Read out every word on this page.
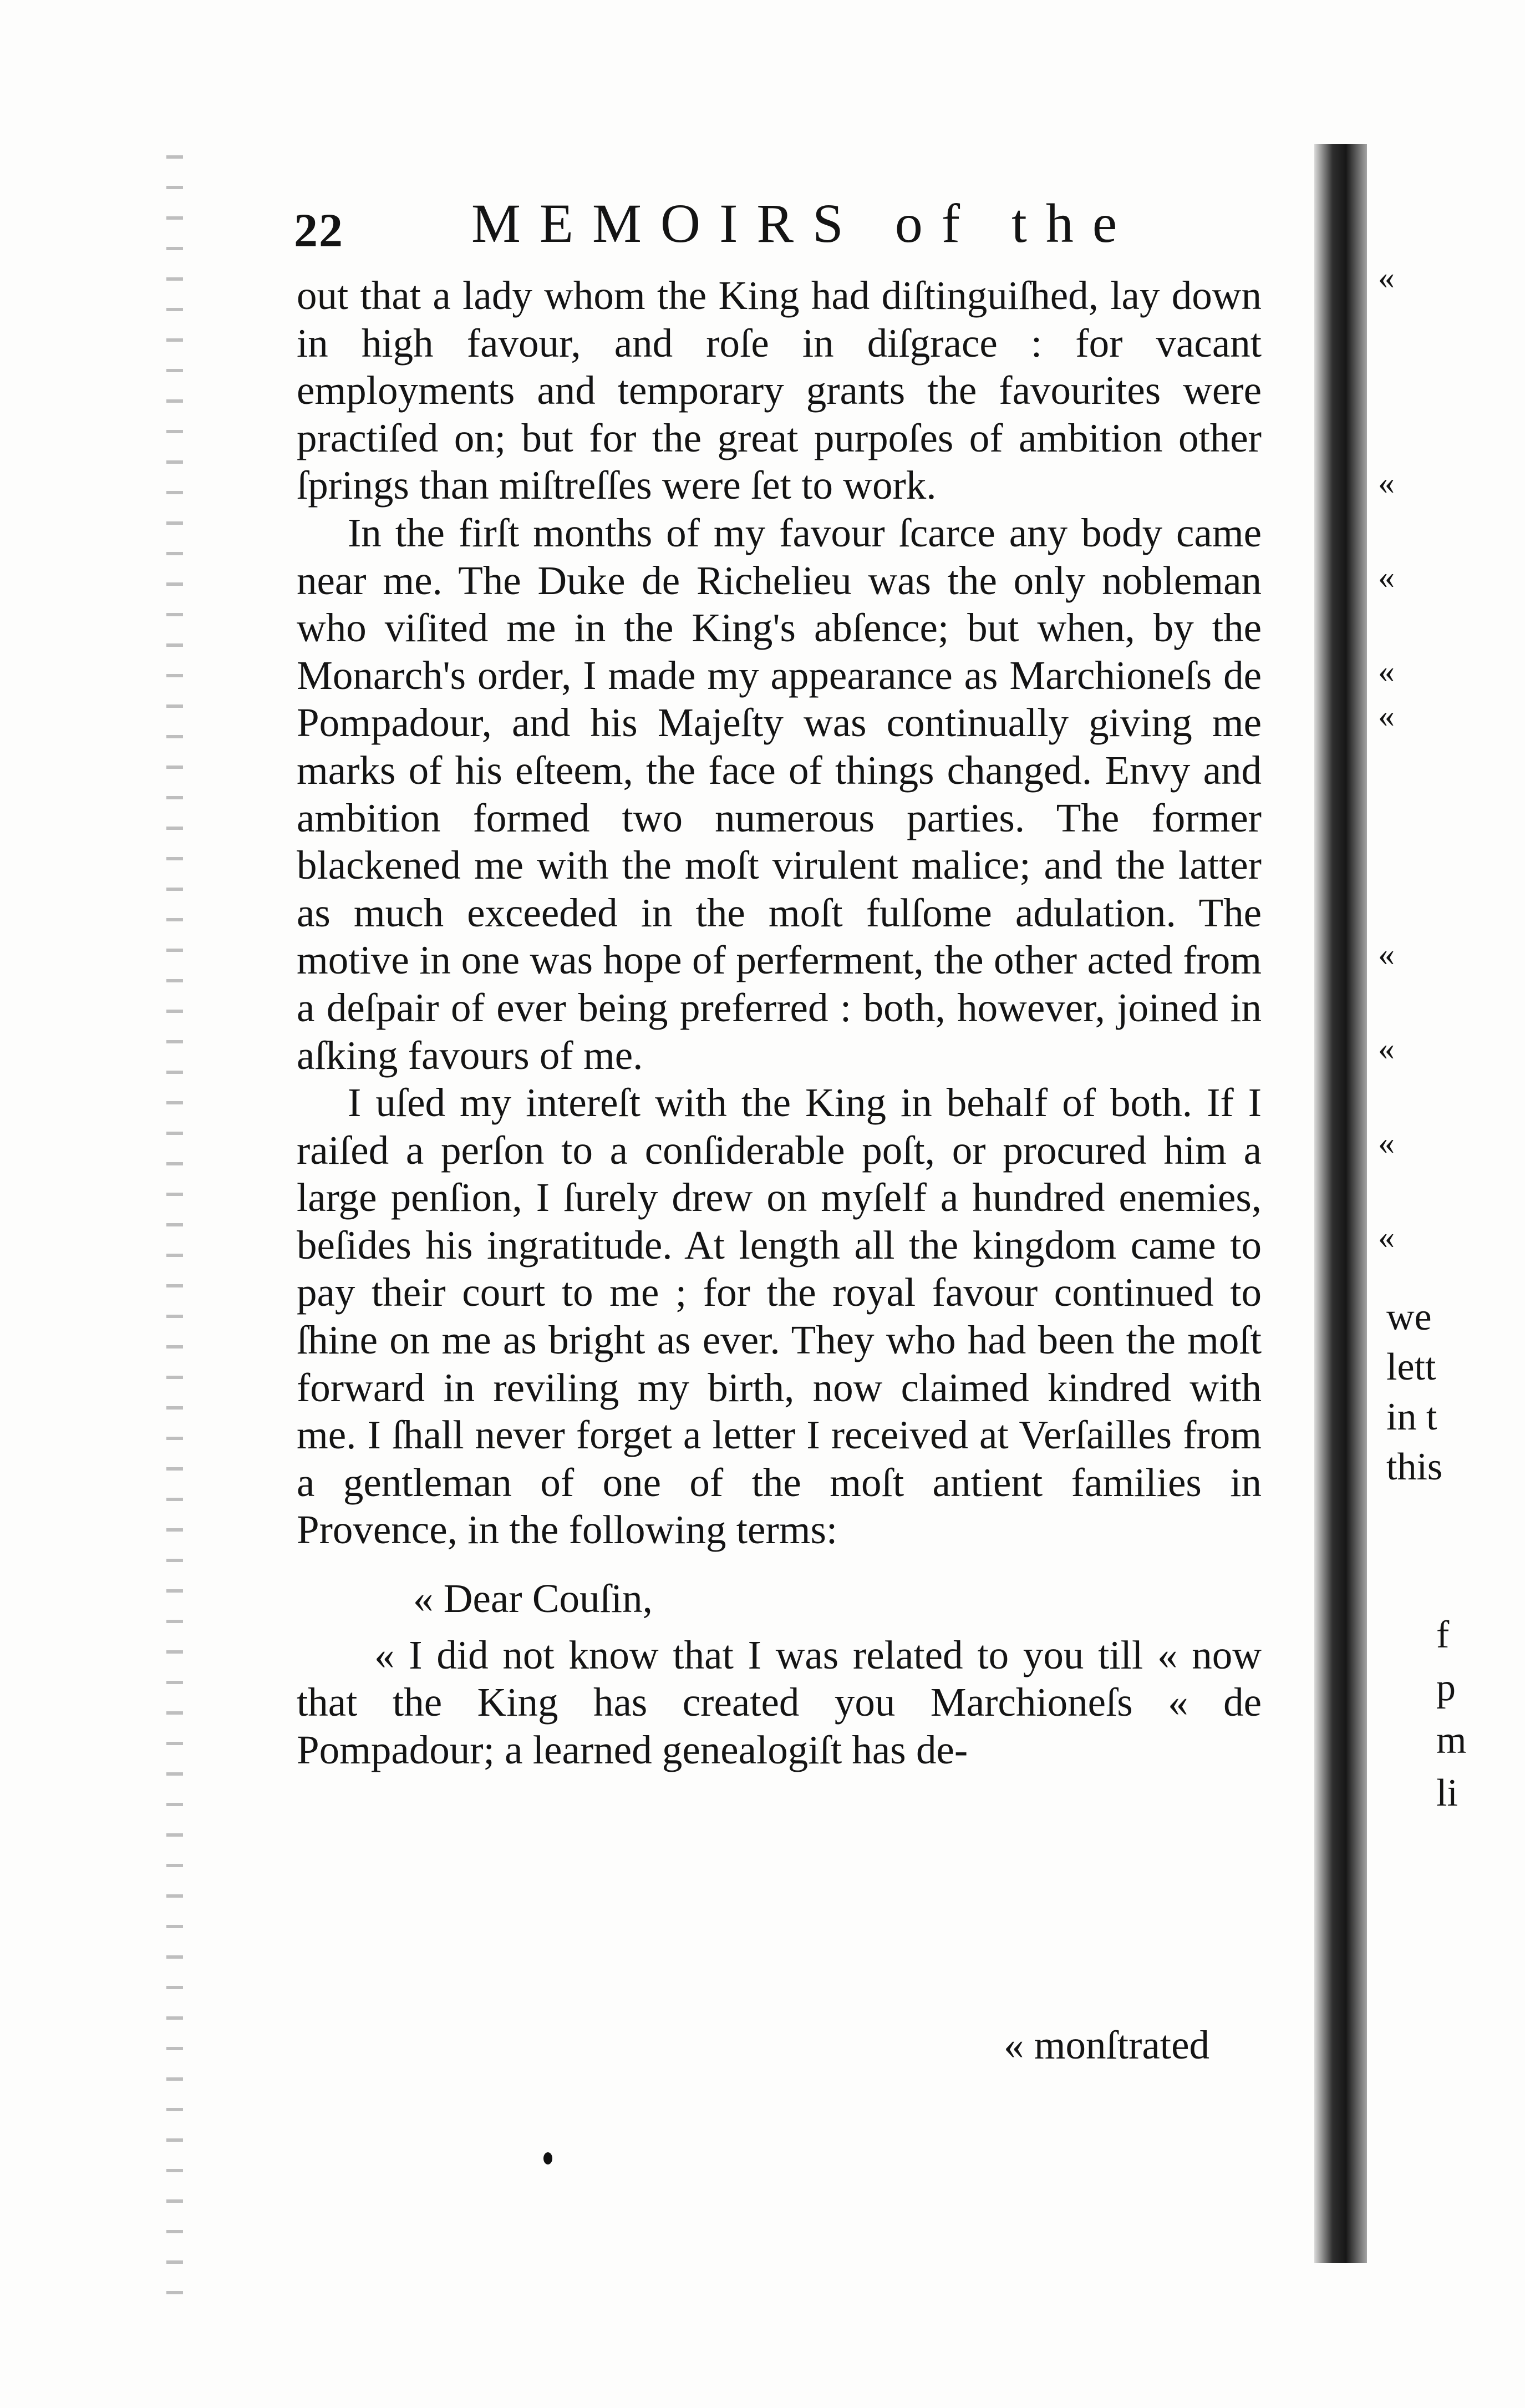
22 MEMOIRS of the

out that a lady whom the King had diſtinguiſhed, lay down in high favour, and roſe in diſgrace : for vacant employments and temporary grants the favourites were practiſed on; but for the great purpoſes of ambition other ſprings than miſtreſſes were ſet to work.

In the firſt months of my favour ſcarce any body came near me. The Duke de Richelieu was the only nobleman who viſited me in the King's abſence; but when, by the Monarch's order, I made my appearance as Marchioneſs de Pompadour, and his Majeſty was continually giving me marks of his eſteem, the face of things changed. Envy and ambition formed two numerous parties. The former blackened me with the moſt virulent malice; and the latter as much exceeded in the moſt fulſome adulation. The motive in one was hope of perferment, the other acted from a deſpair of ever being preferred : both, however, joined in aſking favours of me.

I uſed my intereſt with the King in behalf of both. If I raiſed a perſon to a conſiderable poſt, or procured him a large penſion, I ſurely drew on myſelf a hundred enemies, beſides his ingratitude. At length all the kingdom came to pay their court to me ; for the royal favour continued to ſhine on me as bright as ever. They who had been the moſt forward in reviling my birth, now claimed kindred with me. I ſhall never forget a letter I received at Verſailles from a gentleman of one of the moſt antient families in Provence, in the following terms:

« Dear Couſin,

« I did not know that I was related to you till « now that the King has created you Marchioneſs « de Pompadour; a learned genealogiſt has de-

« monſtrated
«
«
«
«
«
«
«
«
«
we
lett
in t
this
f
p
m
li
